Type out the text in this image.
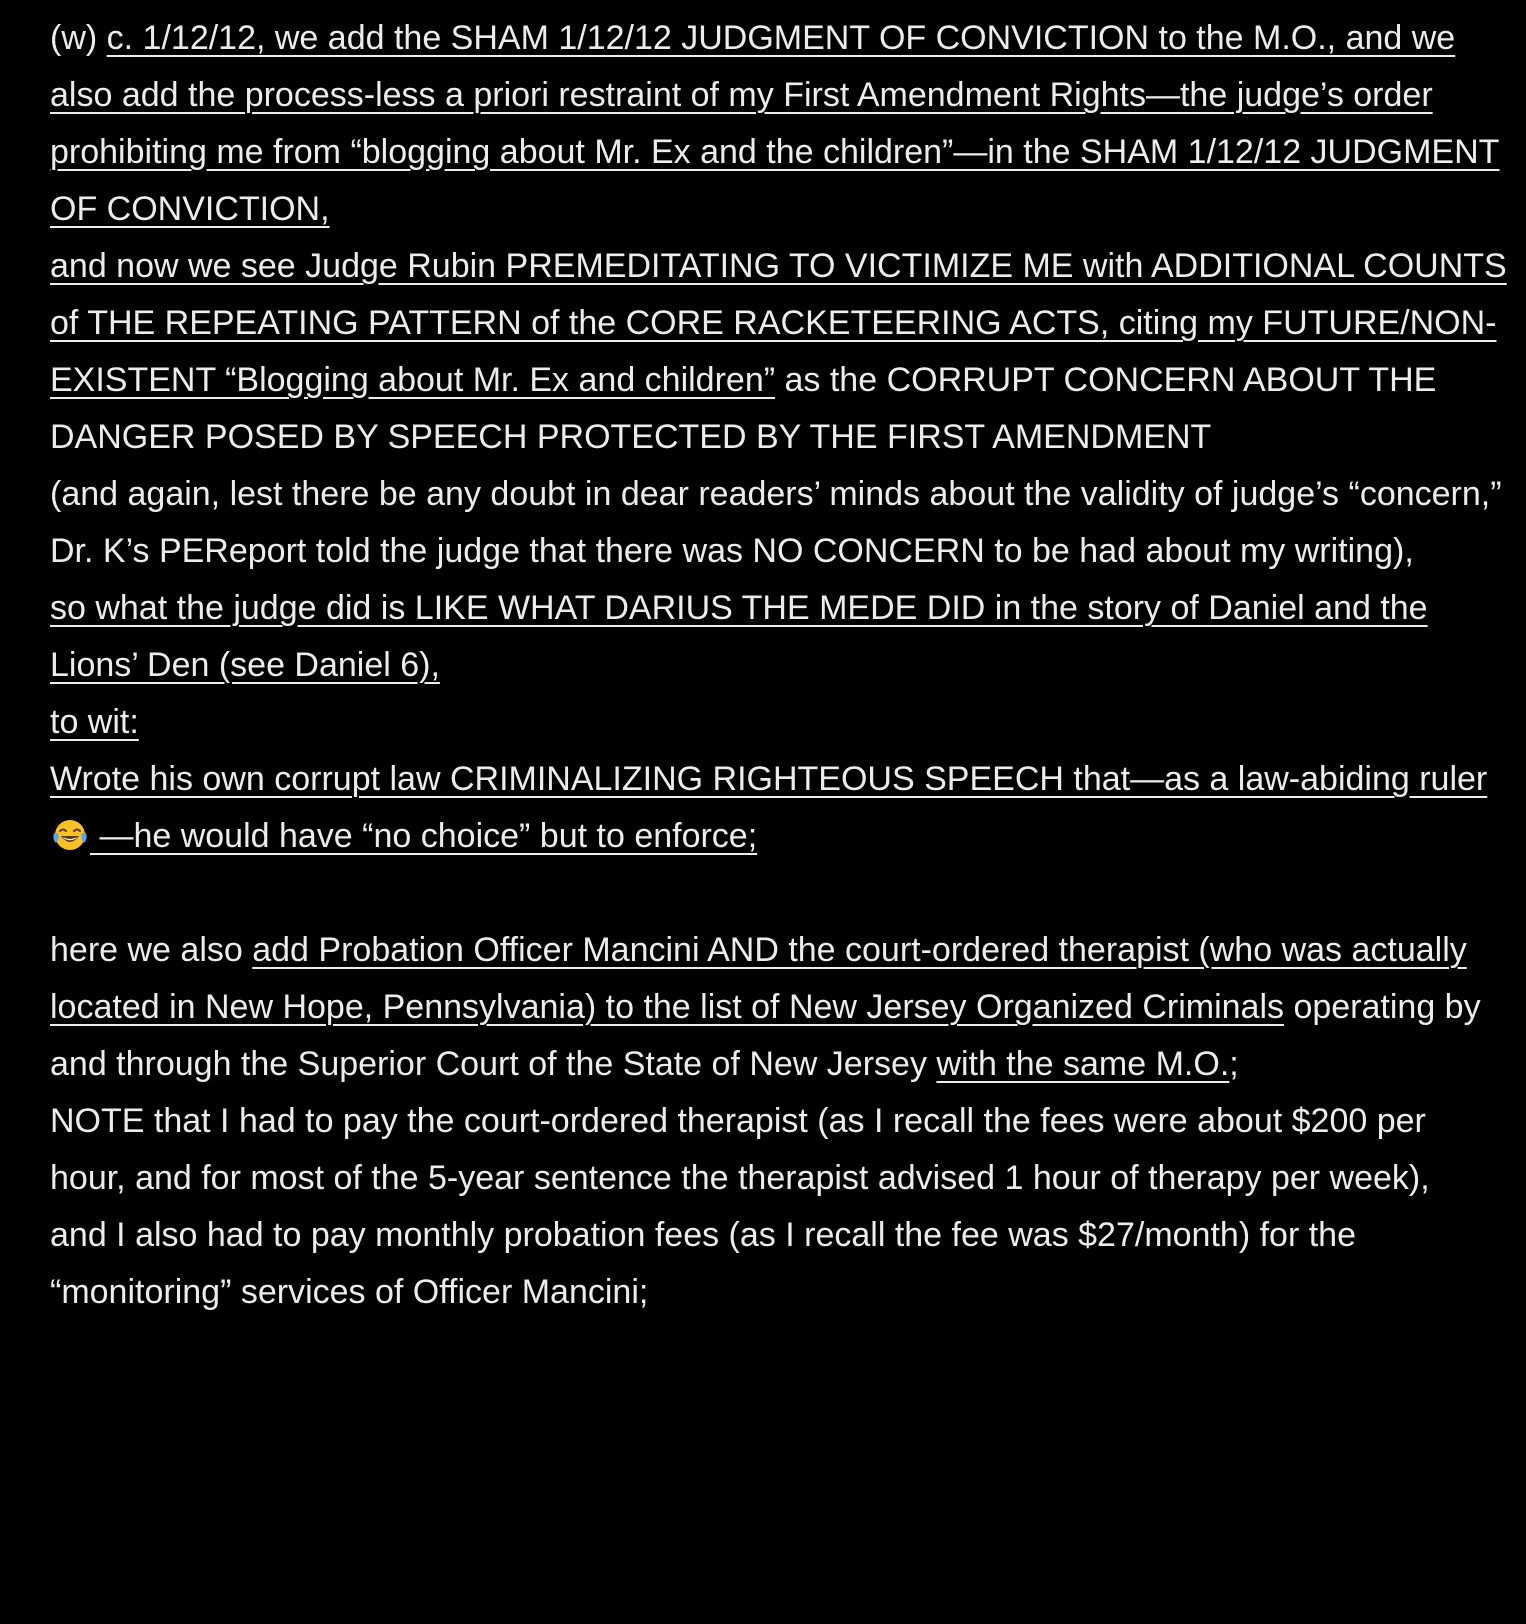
(w) c. 1/12/12, we add the SHAM 1/12/12 JUDGMENT OF CONVICTION to the M.O., and we also add the process-less a priori restraint of my First Amendment Rights—the judge’s order prohibiting me from “blogging about Mr. Ex and the children”—in the SHAM 1/12/12 JUDGMENT OF CONVICTION,

and now we see Judge Rubin PREMEDITATING TO VICTIMIZE ME with ADDITIONAL COUNTS of THE REPEATING PATTERN of the CORE RACKETEERING ACTS, citing my FUTURE/NON-EXISTENT “Blogging about Mr. Ex and children” as the CORRUPT CONCERN ABOUT THE DANGER POSED BY SPEECH PROTECTED BY THE FIRST AMENDMENT

(and again, lest there be any doubt in dear readers’ minds about the validity of judge’s “concern,”

Dr. K’s PEReport told the judge that there was NO CONCERN to be had about my writing),

so what the judge did is LIKE WHAT DARIUS THE MEDE DID in the story of Daniel and the Lions’ Den (see Daniel 6),

to wit:

Wrote his own corrupt law CRIMINALIZING RIGHTEOUS SPEECH that—as a law-abiding ruler  —he would have “no choice” but to enforce;

here we also add Probation Officer Mancini AND the court-ordered therapist (who was actually located in New Hope, Pennsylvania) to the list of New Jersey Organized Criminals operating by and through the Superior Court of the State of New Jersey with the same M.O.;

NOTE that I had to pay the court-ordered therapist (as I recall the fees were about $200 per hour, and for most of the 5-year sentence the therapist advised 1 hour of therapy per week),

and I also had to pay monthly probation fees (as I recall the fee was $27/month) for the “monitoring” services of Officer Mancini;
